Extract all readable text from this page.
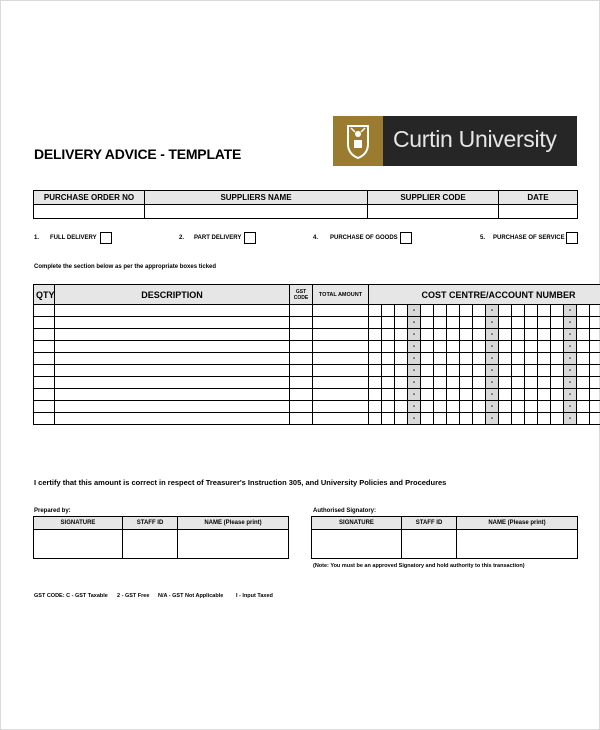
DELIVERY ADVICE - TEMPLATE
Curtin University
PURCHASE ORDER NO	SUPPLIERS NAME	SUPPLIER CODE	DATE

1. FULL DELIVERY	2. PART DELIVERY	4. PURCHASE OF GOODS	5. PURCHASE OF SERVICE
Complete the section below as per the appropriate boxes ticked
QTY	DESCRIPTION	GST CODE	TOTAL AMOUNT	COST CENTRE/ACCOUNT NUMBER																			
							-						-						-				
							-						-						-				
							-						-						-				
							-						-						-				
							-						-						-				
							-						-						-				
							-						-						-				
							-						-						-				
							-						-						-				
							-						-						-				
I certify that this amount is correct in respect of Treasurer's Instruction 305, and University Policies and Procedures
Prepared by:
SIGNATURE	STAFF ID	NAME (Please print)

Authorised Signatory:
SIGNATURE	STAFF ID	NAME (Please print)

(Note: You must be an approved Signatory and hold authority to this transaction)
GST CODE: C - GST Taxable 2 - GST Free N/A - GST Not Applicable I - Input Taxed
